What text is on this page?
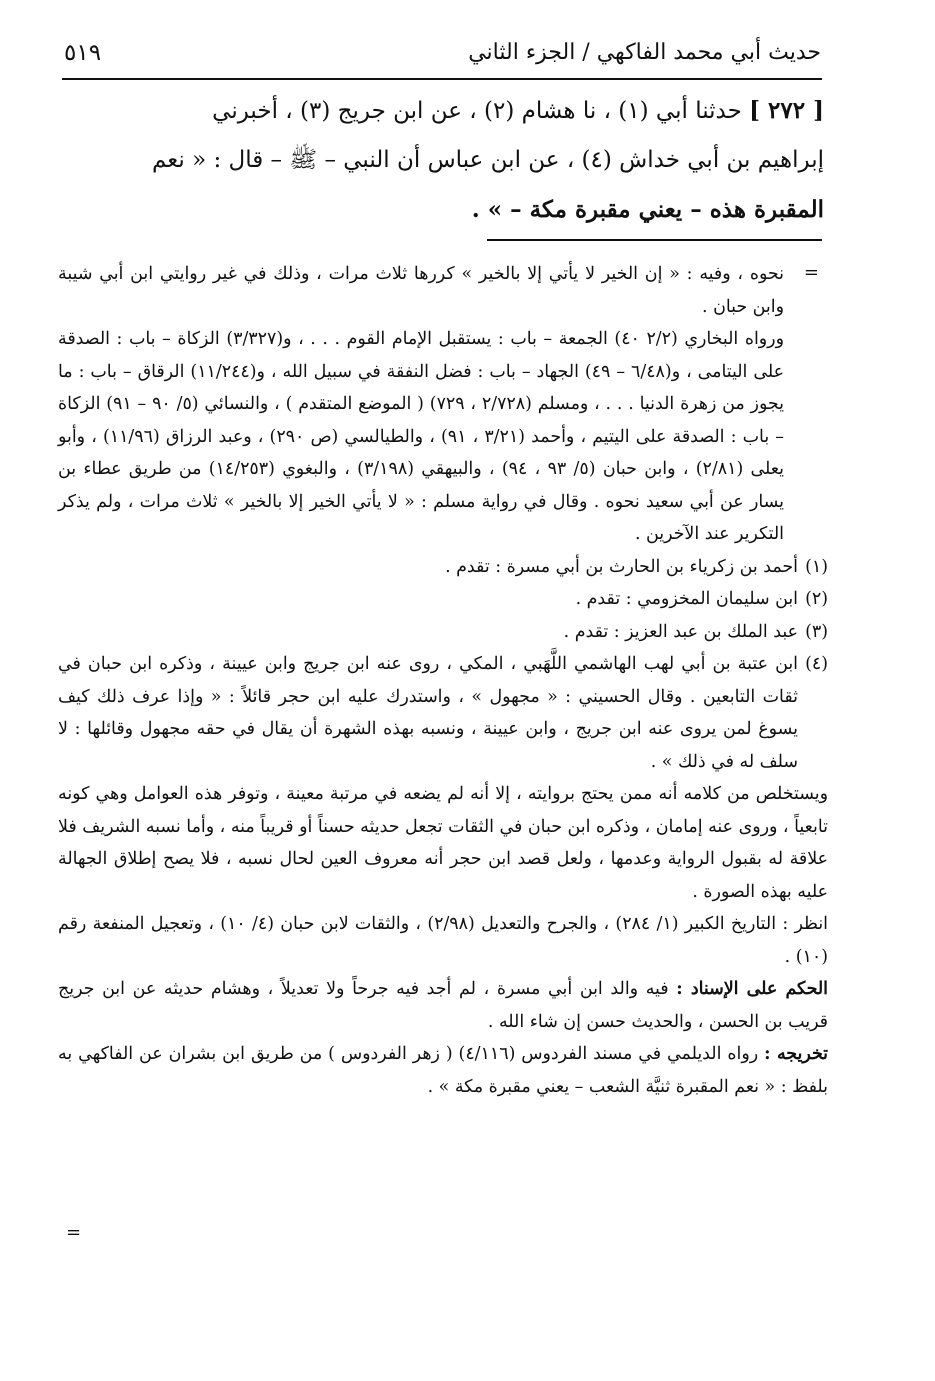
حديث أبي محمد الفاكهي / الجزء الثاني
٥١٩

[ ٢٧٢ ] حدثنا أبي (١) ، نا هشام (٢) ، عن ابن جريج (٣) ، أخبرني

إبراهيم بن أبي خداش (٤) ، عن ابن عباس أن النبي – ﷺ – قال : « نعم

المقبرة هذه – يعني مقبرة مكة – » .

=

نحوه ، وفيه : « إن الخير لا يأتي إلا بالخير » كررها ثلاث مرات ، وذلك في غير روايتي ابن أبي شيبة وابن حبان .

ورواه البخاري (٢/٢ ٤٠) الجمعة – باب : يستقبل الإمام القوم . . . ، و(٣/٣٢٧) الزكاة – باب : الصدقة على اليتامى ، و(٦/٤٨ – ٤٩) الجهاد – باب : فضل النفقة في سبيل الله ، و(١١/٢٤٤) الرقاق – باب : ما يجوز من زهرة الدنيا . . . ، ومسلم (٢/٧٢٨ ، ٧٢٩) ( الموضع المتقدم ) ، والنسائي (٥/ ٩٠ – ٩١) الزكاة – باب : الصدقة على اليتيم ، وأحمد (٣/٢١ ، ٩١) ، والطيالسي (ص ٢٩٠) ، وعبد الرزاق (١١/٩٦) ، وأبو يعلى (٢/٨١) ، وابن حبان (٥/ ٩٣ ، ٩٤) ، والبيهقي (٣/١٩٨) ، والبغوي (١٤/٢٥٣) من طريق عطاء بن يسار عن أبي سعيد نحوه . وقال في رواية مسلم : « لا يأتي الخير إلا بالخير » ثلاث مرات ، ولم يذكر التكرير عند الآخرين .

(١)
أحمد بن زكرياء بن الحارث بن أبي مسرة : تقدم .
(٢)
ابن سليمان المخزومي : تقدم .
(٣)
عبد الملك بن عبد العزيز : تقدم .
(٤)
ابن عتبة بن أبي لهب الهاشمي اللَّهَبي ، المكي ، روى عنه ابن جريج وابن عيينة ، وذكره ابن حبان في ثقات التابعين . وقال الحسيني : « مجهول » ، واستدرك عليه ابن حجر قائلاً : « وإذا عرف ذلك كيف يسوغ لمن يروى عنه ابن جريج ، وابن عيينة ، ونسبه بهذه الشهرة أن يقال في حقه مجهول وقائلها : لا سلف له في ذلك » .

ويستخلص من كلامه أنه ممن يحتج بروايته ، إلا أنه لم يضعه في مرتبة معينة ، وتوفر هذه العوامل وهي كونه تابعياً ، وروى عنه إمامان ، وذكره ابن حبان في الثقات تجعل حديثه حسناً أو قريباً منه ، وأما نسبه الشريف فلا علاقة له بقبول الرواية وعدمها ، ولعل قصد ابن حجر أنه معروف العين لحال نسبه ، فلا يصح إطلاق الجهالة عليه بهذه الصورة .

انظر : التاريخ الكبير (١/ ٢٨٤) ، والجرح والتعديل (٢/٩٨) ، والثقات لابن حبان (٤/ ١٠) ، وتعجيل المنفعة رقم (١٠) .

الحكم على الإسناد : فيه والد ابن أبي مسرة ، لم أجد فيه جرحاً ولا تعديلاً ، وهشام حديثه عن ابن جريج قريب بن الحسن ، والحديث حسن إن شاء الله .

تخريجه : رواه الديلمي في مسند الفردوس (٤/١١٦) ( زهر الفردوس ) من طريق ابن بشران عن الفاكهي به بلفظ : « نعم المقبرة ثنيَّة الشعب – يعني مقبرة مكة » .

=
